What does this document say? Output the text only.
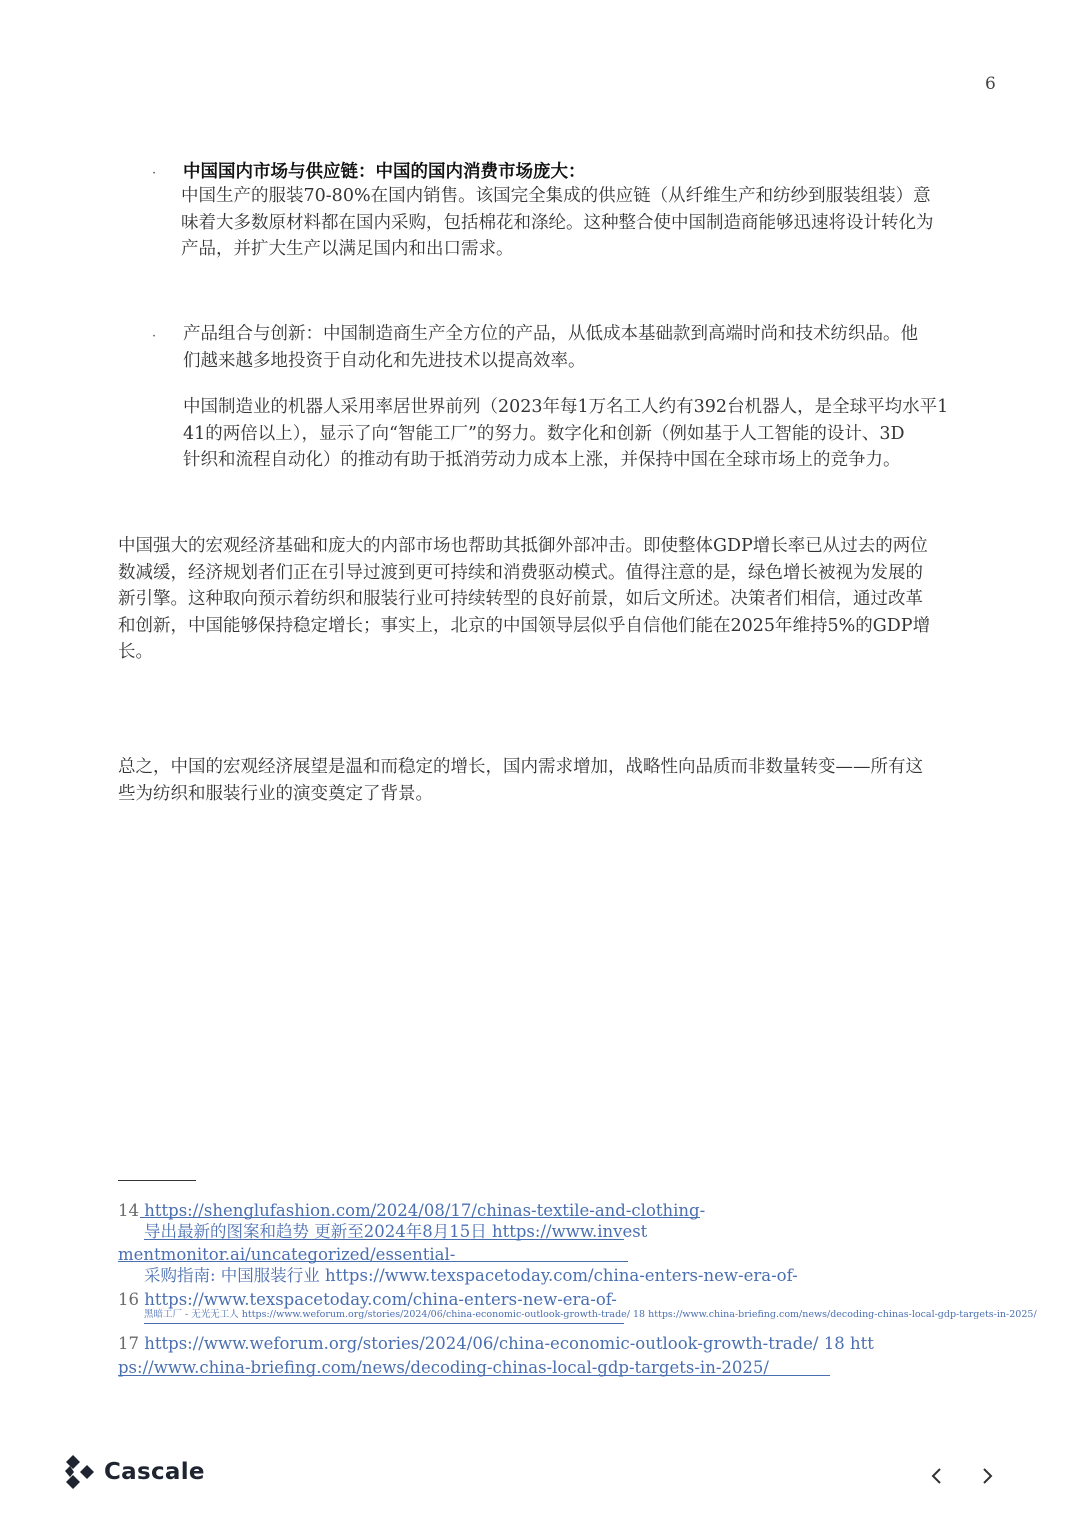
6
· 中国国内市场与供应链：中国的国内消费市场庞大：
中国生产的服装70-80%在国内销售。该国完全集成的供应链（从纤维生产和纺纱到服装组装）意
味着大多数原材料都在国内采购，包括棉花和涤纶。这种整合使中国制造商能够迅速将设计转化为
产品，并扩大生产以满足国内和出口需求。
· 产品组合与创新：中国制造商生产全方位的产品，从低成本基础款到高端时尚和技术纺织品。他
们越来越多地投资于自动化和先进技术以提高效率。
中国制造业的机器人采用率居世界前列（2023年每1万名工人约有392台机器人，是全球平均水平1
41的两倍以上），显示了向“智能工厂”的努力。数字化和创新（例如基于人工智能的设计、3D
针织和流程自动化）的推动有助于抵消劳动力成本上涨，并保持中国在全球市场上的竞争力。
中国强大的宏观经济基础和庞大的内部市场也帮助其抵御外部冲击。即使整体GDP增长率已从过去的两位
数减缓，经济规划者们正在引导过渡到更可持续和消费驱动模式。值得注意的是，绿色增长被视为发展的
新引擎。这种取向预示着纺织和服装行业可持续转型的良好前景，如后文所述。决策者们相信，通过改革
和创新，中国能够保持稳定增长；事实上，北京的中国领导层似乎自信他们能在2025年维持5%的GDP增
长。
总之，中国的宏观经济展望是温和而稳定的增长，国内需求增加，战略性向品质而非数量转变——所有这
些为纺织和服装行业的演变奠定了背景。
14 https://shenglufashion.com/2024/08/17/chinas-textile-and-clothing-
导出最新的图案和趋势 更新至2024年8月15日 https://www.invest
mentmonitor.ai/uncategorized/essential-
采购指南: 中国服装行业 https://www.texspacetoday.com/china-enters-new-era-of-
16 https://www.texspacetoday.com/china-enters-new-era-of-
黑暗工厂 - 无光无工人 https://www.weforum.org/stories/2024/06/china-economic-outlook-growth-trade/ 18 https://www.china-briefing.com/news/decoding-chinas-local-gdp-targets-in-2025/
17 https://www.weforum.org/stories/2024/06/china-economic-outlook-growth-trade/ 18 htt
ps://www.china-briefing.com/news/decoding-chinas-local-gdp-targets-in-2025/
Cascale
